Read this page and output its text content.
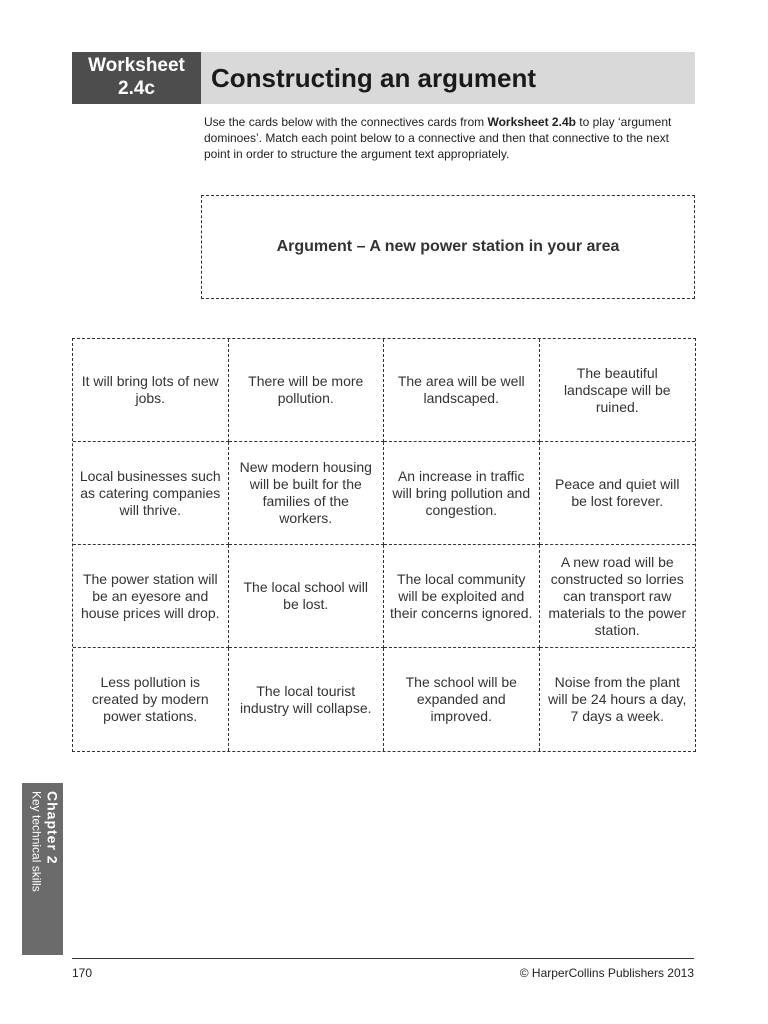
Worksheet
2.4c	Constructing an argument

Use the cards below with the connectives cards from Worksheet 2.4b to play ‘argument dominoes’. Match each point below to a connective and then that connective to the next point in order to structure the argument text appropriately.

Argument – A new power station in your area
It will bring lots of new jobs.
There will be more pollution.
The area will be well landscaped.
The beautiful landscape will be ruined.
Local businesses such as catering companies will thrive.
New modern housing will be built for the families of the workers.
An increase in traffic will bring pollution and congestion.
Peace and quiet will be lost forever.
The power station will be an eyesore and house prices will drop.
The local school will be lost.
The local community will be exploited and their concerns ignored.
A new road will be constructed so lorries can transport raw materials to the power station.
Less pollution is created by modern power stations.
The local tourist industry will collapse.
The school will be expanded and improved.
Noise from the plant will be 24 hours a day, 7 days a week.
Chapter 2
Key technical skills
170	© HarperCollins Publishers 2013
